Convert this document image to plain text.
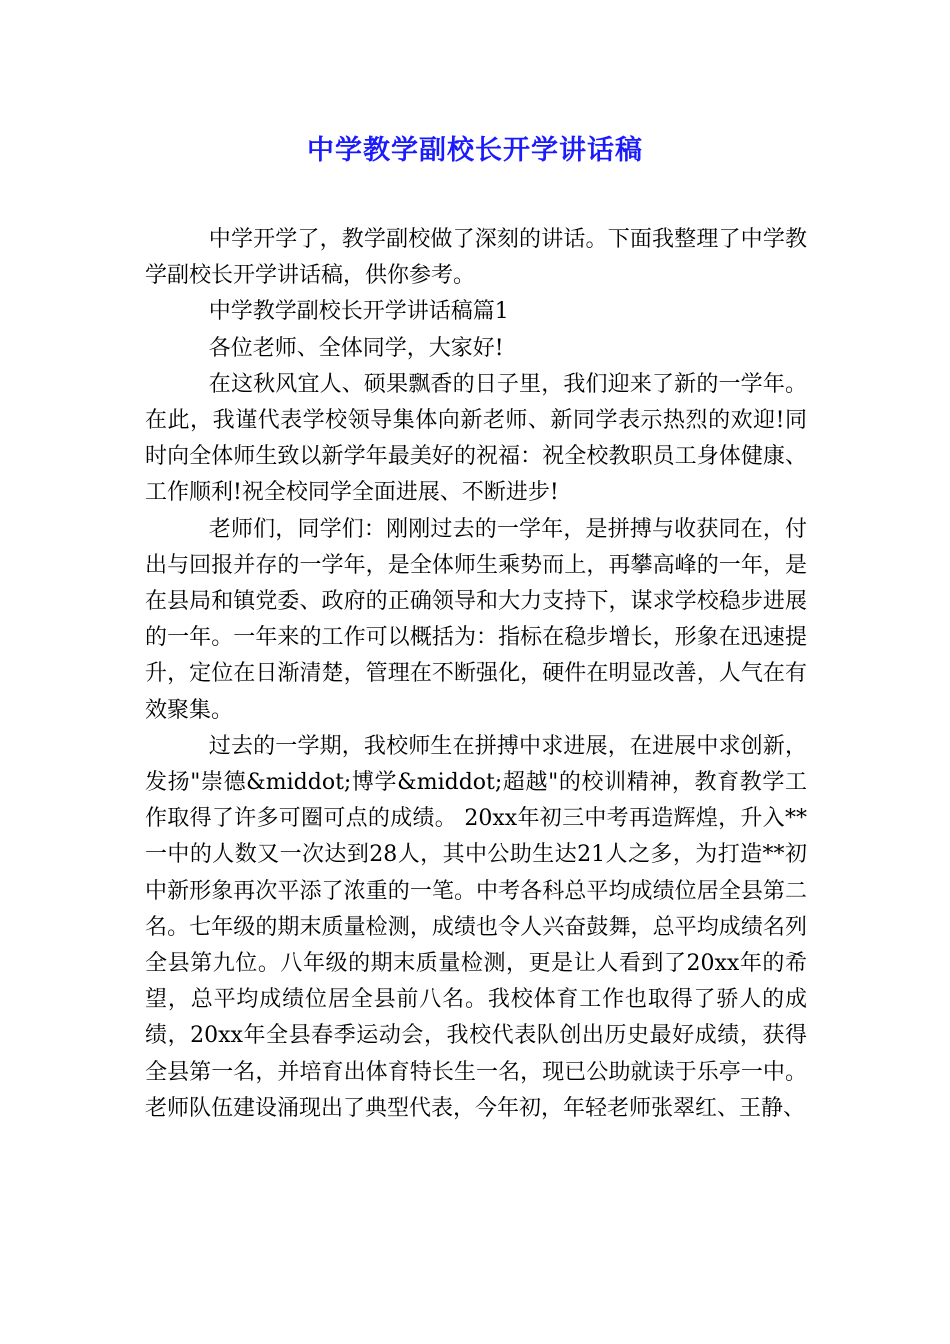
中学教学副校长开学讲话稿

中学开学了，教学副校做了深刻的讲话。下面我整理了中学教学副校长开学讲话稿，供你参考。

中学教学副校长开学讲话稿篇1

各位老师、全体同学，大家好!

在这秋风宜人、硕果飘香的日子里，我们迎来了新的一学年。在此，我谨代表学校领导集体向新老师、新同学表示热烈的欢迎!同时向全体师生致以新学年最美好的祝福：祝全校教职员工身体健康、工作顺利!祝全校同学全面进展、不断进步!

老师们，同学们：刚刚过去的一学年，是拼搏与收获同在，付出与回报并存的一学年，是全体师生乘势而上，再攀高峰的一年，是在县局和镇党委、政府的正确领导和大力支持下，谋求学校稳步进展的一年。一年来的工作可以概括为：指标在稳步增长，形象在迅速提升，定位在日渐清楚，管理在不断强化，硬件在明显改善，人气在有效聚集。

过去的一学期，我校师生在拼搏中求进展，在进展中求创新，发扬"崇德&middot;博学&middot;超越"的校训精神，教育教学工作取得了许多可圈可点的成绩。 20xx年初三中考再造辉煌，升入**一中的人数又一次达到28人，其中公助生达21人之多，为打造**初中新形象再次平添了浓重的一笔。中考各科总平均成绩位居全县第二名。七年级的期末质量检测，成绩也令人兴奋鼓舞，总平均成绩名列全县第九位。八年级的期末质量检测，更是让人看到了20xx年的希望，总平均成绩位居全县前八名。我校体育工作也取得了骄人的成绩，20xx年全县春季运动会，我校代表队创出历史最好成绩，获得全县第一名，并培育出体育特长生一名，现已公助就读于乐亭一中。老师队伍建设涌现出了典型代表，今年初，年轻老师张翠红、王静、
